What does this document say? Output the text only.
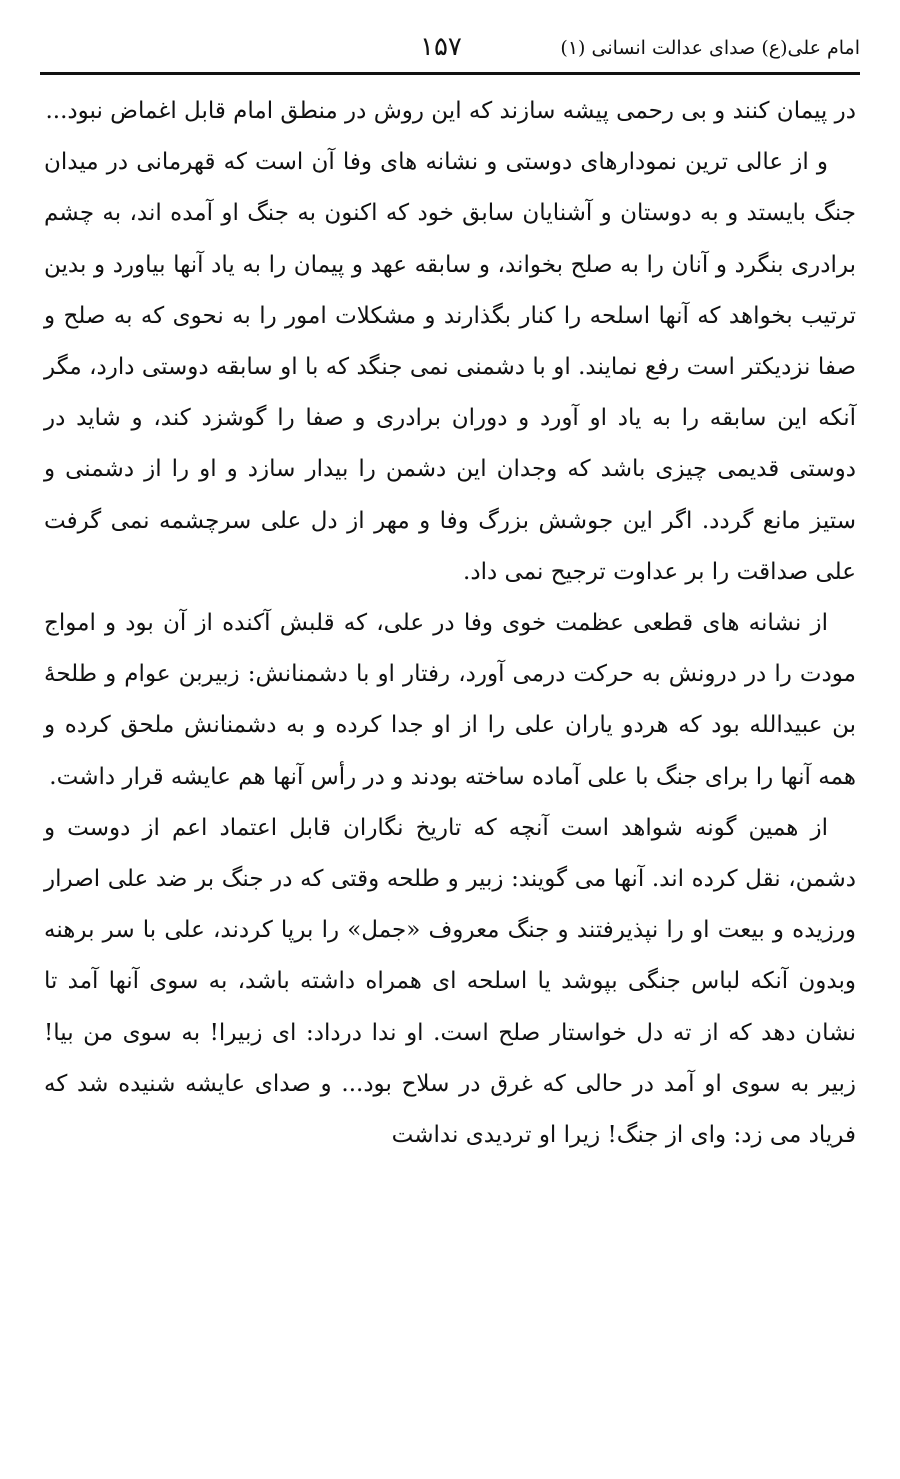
امام علی(ع) صدای عدالت انسانی (۱)
۱۵۷

در پیمان کنند و بی رحمی پیشه سازند که این روش در منطق امام قابل اغماض نبود...

و از عالی ترین نمودارهای دوستی و نشانه های وفا آن است که قهرمانی در میدان جنگ بایستد و به دوستان و آشنایان سابق خود که اکنون به جنگ او آمده اند، به چشم برادری بنگرد و آنان را به صلح بخواند، و سابقه عهد و پیمان را به یاد آنها بیاورد و بدین ترتیب بخواهد که آنها اسلحه را کنار بگذارند و مشکلات امور را به نحوی که به صلح و صفا نزدیکتر است رفع نمایند. او با دشمنی نمی جنگد که با او سابقه دوستی دارد، مگر آنکه این سابقه را به یاد او آورد و دوران برادری و صفا را گوشزد کند، و شاید در دوستی قدیمی چیزی باشد که وجدان این دشمن را بیدار سازد و او را از دشمنی و ستیز مانع گردد. اگر این جوشش بزرگ وفا و مهر از دل علی سرچشمه نمی گرفت علی صداقت را بر عداوت ترجیح نمی داد.

از نشانه های قطعی عظمت خوی وفا در علی، که قلبش آکنده از آن بود و امواج مودت را در درونش به حرکت درمی آورد، رفتار او با دشمنانش: زبیربن عوام و طلحۀ بن عبیدالله بود که هردو یاران علی را از او جدا کرده و به دشمنانش ملحق کرده و همه آنها را برای جنگ با علی آماده ساخته بودند و در رأس آنها هم عایشه قرار داشت.

از همین گونه شواهد است آنچه که تاریخ نگاران قابل اعتماد اعم از دوست و دشمن، نقل کرده اند. آنها می گویند: زبیر و طلحه وقتی که در جنگ بر ضد علی اصرار ورزیده و بیعت او را نپذیرفتند و جنگ معروف «جمل» را برپا کردند، علی با سر برهنه وبدون آنکه لباس جنگی بپوشد یا اسلحه ای همراه داشته باشد، به سوی آنها آمد تا نشان دهد که از ته دل خواستار صلح است. او ندا درداد: ای زبیرا! به سوی من بیا! زبیر به سوی او آمد در حالی که غرق در سلاح بود... و صدای عایشه شنیده شد که فریاد می زد: وای از جنگ! زیرا او تردیدی نداشت
